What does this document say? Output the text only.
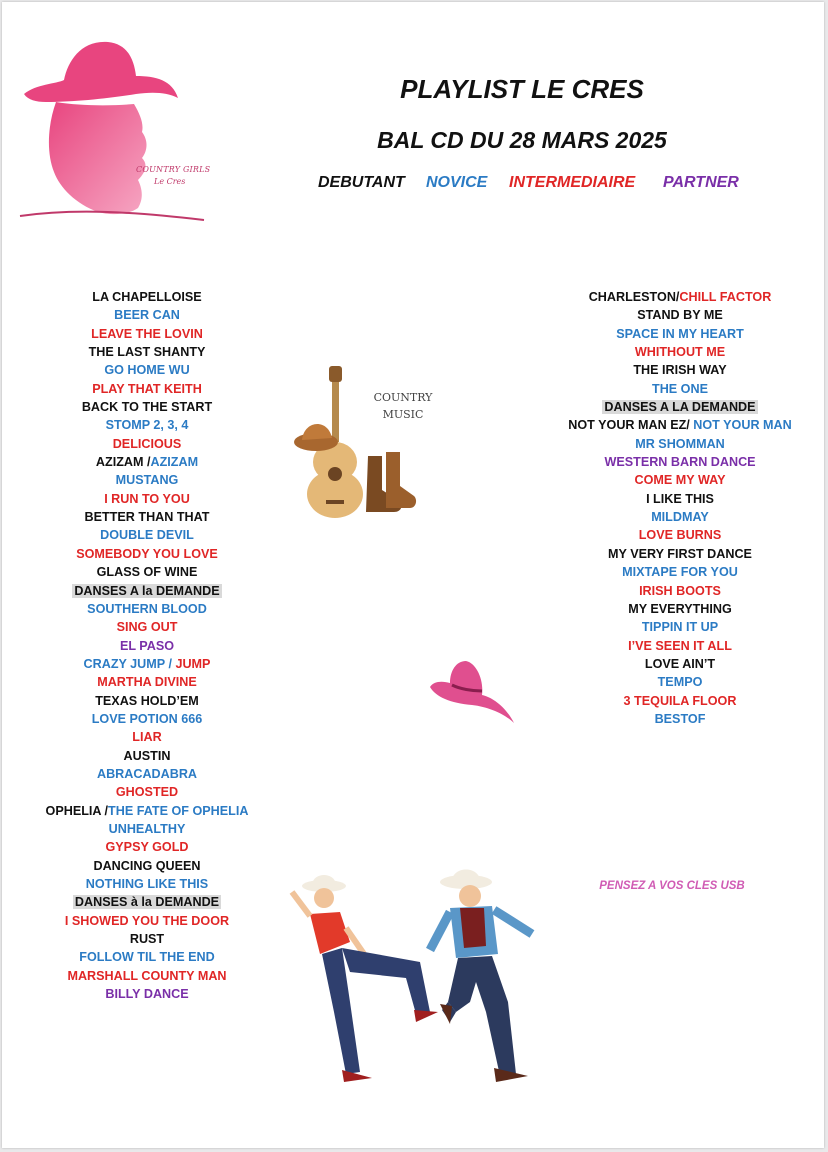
COUNTRY GIRLS
Le Cres
PLAYLIST LE CRES
BAL CD DU 28 MARS 2025
DEBUTANT NOVICE INTERMEDIAIRE PARTNER
LA CHAPELLOISE
BEER CAN
LEAVE THE LOVIN
THE LAST SHANTY
GO HOME WU
PLAY THAT KEITH
BACK TO THE START
STOMP 2, 3, 4
DELICIOUS
AZIZAM /AZIZAM
MUSTANG
I RUN TO YOU
BETTER THAN THAT
DOUBLE DEVIL
SOMEBODY YOU LOVE
GLASS OF WINE
DANSES A la DEMANDE
SOUTHERN BLOOD
SING OUT
EL PASO
CRAZY JUMP / JUMP
MARTHA DIVINE
TEXAS HOLD’EM
LOVE POTION 666
LIAR
AUSTIN
ABRACADABRA
GHOSTED
OPHELIA /THE FATE OF OPHELIA
UNHEALTHY
GYPSY GOLD
DANCING QUEEN
NOTHING LIKE THIS
DANSES à la DEMANDE
I SHOWED YOU THE DOOR
RUST
FOLLOW TIL THE END
MARSHALL COUNTY MAN
BILLY DANCE
CHARLESTON/CHILL FACTOR
STAND BY ME
SPACE IN MY HEART
WHITHOUT ME
THE IRISH WAY
THE ONE
DANSES A LA DEMANDE
NOT YOUR MAN EZ/ NOT YOUR MAN
MR SHOMMAN
WESTERN BARN DANCE
COME MY WAY
I LIKE THIS
MILDMAY
LOVE BURNS
MY VERY FIRST DANCE
MIXTAPE FOR YOU
IRISH BOOTS
MY EVERYTHING
TIPPIN IT UP
I’VE SEEN IT ALL
LOVE AIN’T
TEMPO
3 TEQUILA FLOOR
BESTOF
COUNTRY
MUSIC
PENSEZ A VOS CLES USB
